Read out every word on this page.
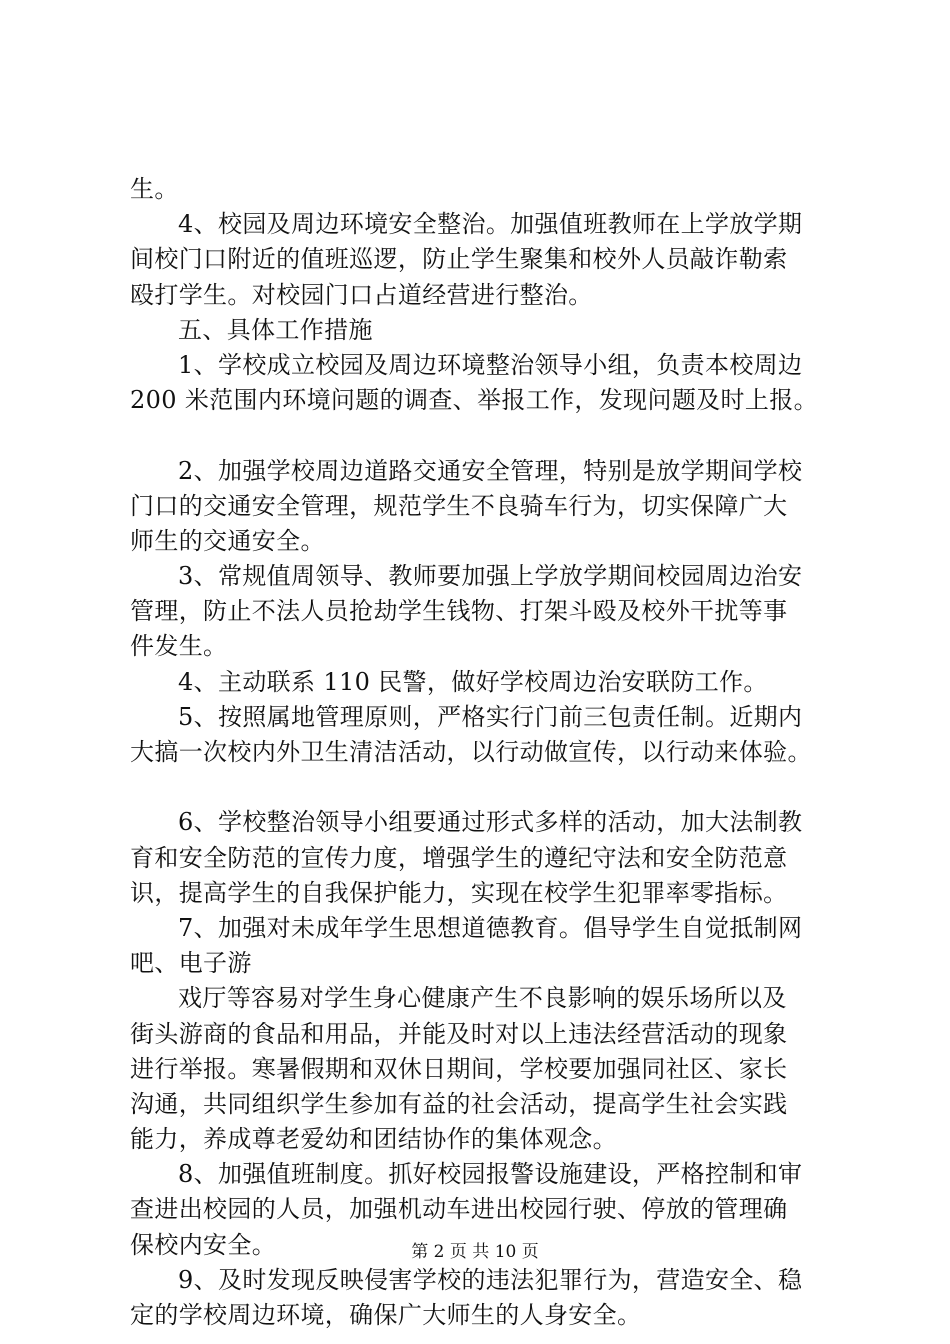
生。
4、校园及周边环境安全整治。加强值班教师在上学放学期
间校门口附近的值班巡逻，防止学生聚集和校外人员敲诈勒索
殴打学生。对校园门口占道经营进行整治。
五、具体工作措施
1、学校成立校园及周边环境整治领导小组，负责本校周边
200 米范围内环境问题的调查、举报工作，发现问题及时上报。
2、加强学校周边道路交通安全管理，特别是放学期间学校
门口的交通安全管理，规范学生不良骑车行为，切实保障广大
师生的交通安全。
3、常规值周领导、教师要加强上学放学期间校园周边治安
管理，防止不法人员抢劫学生钱物、打架斗殴及校外干扰等事
件发生。
4、主动联系 110 民警，做好学校周边治安联防工作。
5、按照属地管理原则，严格实行门前三包责任制。近期内
大搞一次校内外卫生清洁活动，以行动做宣传，以行动来体验。
6、学校整治领导小组要通过形式多样的活动，加大法制教
育和安全防范的宣传力度，增强学生的遵纪守法和安全防范意
识，提高学生的自我保护能力，实现在校学生犯罪率零指标。
7、加强对未成年学生思想道德教育。倡导学生自觉抵制网
吧、电子游
戏厅等容易对学生身心健康产生不良影响的娱乐场所以及
街头游商的食品和用品，并能及时对以上违法经营活动的现象
进行举报。寒暑假期和双休日期间，学校要加强同社区、家长
沟通，共同组织学生参加有益的社会活动，提高学生社会实践
能力，养成尊老爱幼和团结协作的集体观念。
8、加强值班制度。抓好校园报警设施建设，严格控制和审
查进出校园的人员，加强机动车进出校园行驶、停放的管理确
保校内安全。
9、及时发现反映侵害学校的违法犯罪行为，营造安全、稳
定的学校周边环境，确保广大师生的人身安全。
第 2 页 共 10 页
